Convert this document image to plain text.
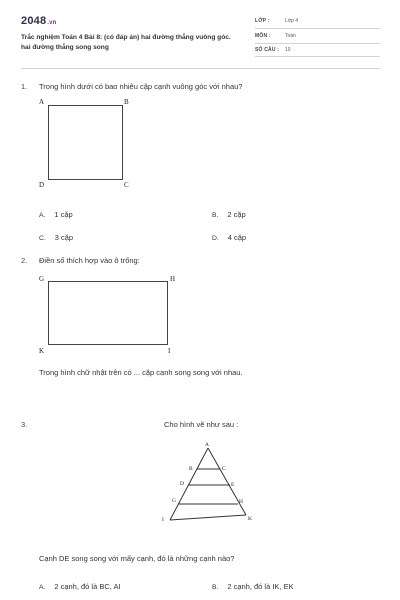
2048.vn
Trắc nghiệm Toán 4 Bài 8: (có đáp án) hai đường thẳng vuông góc. hai đường thẳng song song
LỚP :	Lớp 4
MÔN :	Toán
SỐ CÂU : 10
1. Trong hình dưới có bao nhiêu cặp cạnh vuông góc với nhau?
A	B
D	C
A. 1 cặp	B. 2 cặp
C. 3 cặp	D. 4 cặp
2. Điền số thích hợp vào ô trống:
G	H
K	I
Trong hình chữ nhật trên có ... cặp cạnh song song với nhau.
3.	Cho hình vẽ như sau :
A
B	C
D	E
G	H
I	K
Cạnh DE song song với mấy cạnh, đó là những cạnh nào?
A. 2 cạnh, đó là BC, AI	B. 2 cạnh, đó là IK, EK
